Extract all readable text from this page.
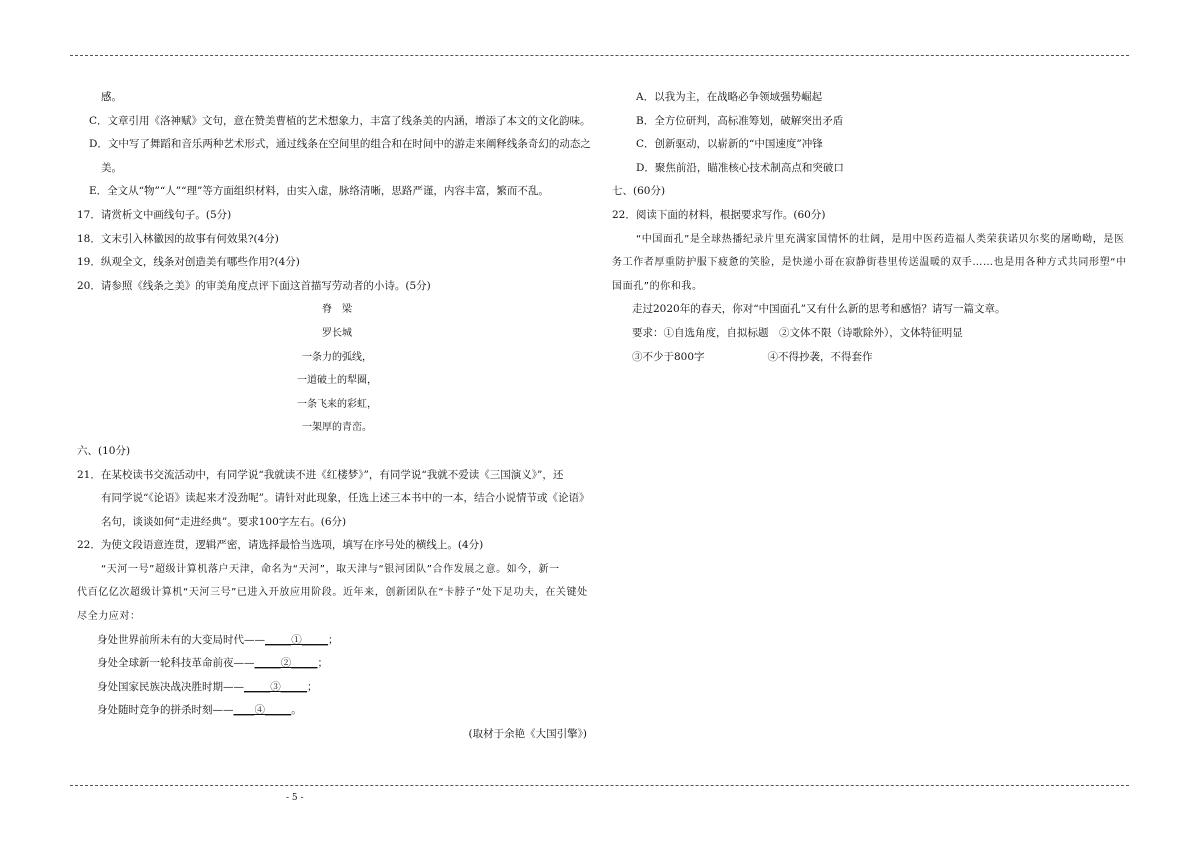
感。
C．文章引用《洛神赋》文句，意在赞美曹植的艺术想象力，丰富了线条美的内涵，增添了本文的文化韵味。
D．文中写了舞蹈和音乐两种艺术形式，通过线条在空间里的组合和在时间中的游走来阐释线条奇幻的动态之
美。
E．全文从“物”“人”“理”等方面组织材料，由实入虚，脉络清晰，思路严谨，内容丰富，繁而不乱。
17．请赏析文中画线句子。(5分)
18．文末引入林徽因的故事有何效果?(4分)
19．纵观全文，线条对创造美有哪些作用?(4分)
20．请参照《线条之美》的审美角度点评下面这首描写劳动者的小诗。(5分)
脊　梁
罗长城
一条力的弧线，
一道破土的犁圈，
一条飞来的彩虹，
一架厚的青峦。
六、(10分)
21．在某校读书交流活动中，有同学说“我就读不进《红楼梦》”，有同学说“我就不爱读《三国演义》”，还
有同学说“《论语》读起来才没劲呢”。请针对此现象，任选上述三本书中的一本，结合小说情节或《论语》
名句，谈谈如何“走进经典”。要求100字左右。(6分)
22．为使文段语意连贯，逻辑严密，请选择最恰当选项，填写在序号处的横线上。(4分)
“天河一号”超级计算机落户天津，命名为“天河”，取天津与“银河团队”合作发展之意。如今，新一
代百亿亿次超级计算机“天河三号”已进入开放应用阶段。近年来，创新团队在“卡脖子”处下足功夫，在关键处
尽全力应对：
身处世界前所未有的大变局时代——_____①_____；
身处全球新一轮科技革命前夜——_____②_____；
身处国家民族决战决胜时期——_____③_____；
身处随时竞争的拼杀时刻——____④_____。
(取材于余艳《大国引擎》)
A．以我为主，在战略必争领域强势崛起
B．全方位研判，高标准筹划，破解突出矛盾
C．创新驱动，以崭新的“中国速度”冲锋
D．聚焦前沿，瞄准核心技术制高点和突破口
七、(60分)
22．阅读下面的材料，根据要求写作。(60分)
“中国面孔”是全球热播纪录片里充满家国情怀的壮阔，是用中医药造福人类荣获诺贝尔奖的屠呦呦，是医
务工作者厚重防护服下疲惫的笑脸，是快递小哥在寂静街巷里传送温暖的双手……也是用各种方式共同形塑“中
国面孔”的你和我。
走过2020年的春天，你对“中国面孔”又有什么新的思考和感悟？请写一篇文章。
要求：①自选角度，自拟标题　②文体不限（诗歌除外），文体特征明显
③不少于800字　　　　　　④不得抄袭，不得套作
- 5 -
